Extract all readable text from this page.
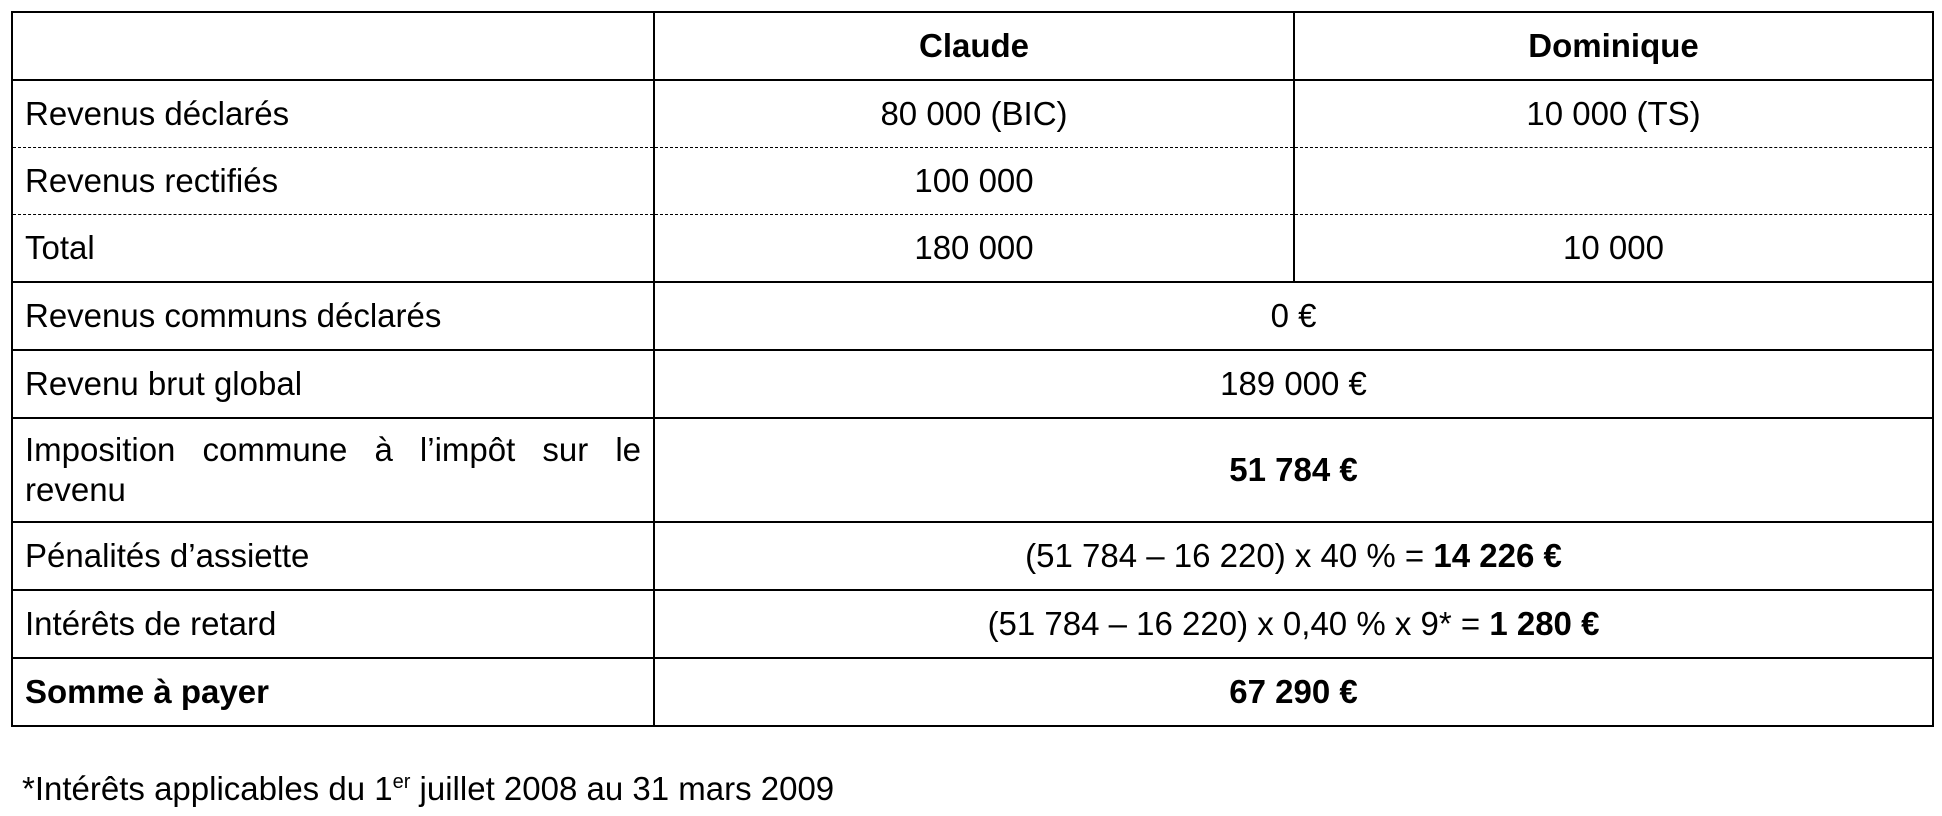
	Claude	Dominique
Revenus déclarés	80 000 (BIC)	10 000 (TS)
Revenus rectifiés	100 000	
Total	180 000	10 000
Revenus communs déclarés	0 €	
Revenu brut global	189 000 €	
Imposition commune à l’impôt sur le revenu	51 784 €	
Pénalités d’assiette	(51 784 – 16 220) x 40 % = 14 226 €	
Intérêts de retard	(51 784 – 16 220) x 0,40 % x 9* = 1 280 €	
Somme à payer	67 290 €	
*Intérêts applicables du 1er juillet 2008 au 31 mars 2009
